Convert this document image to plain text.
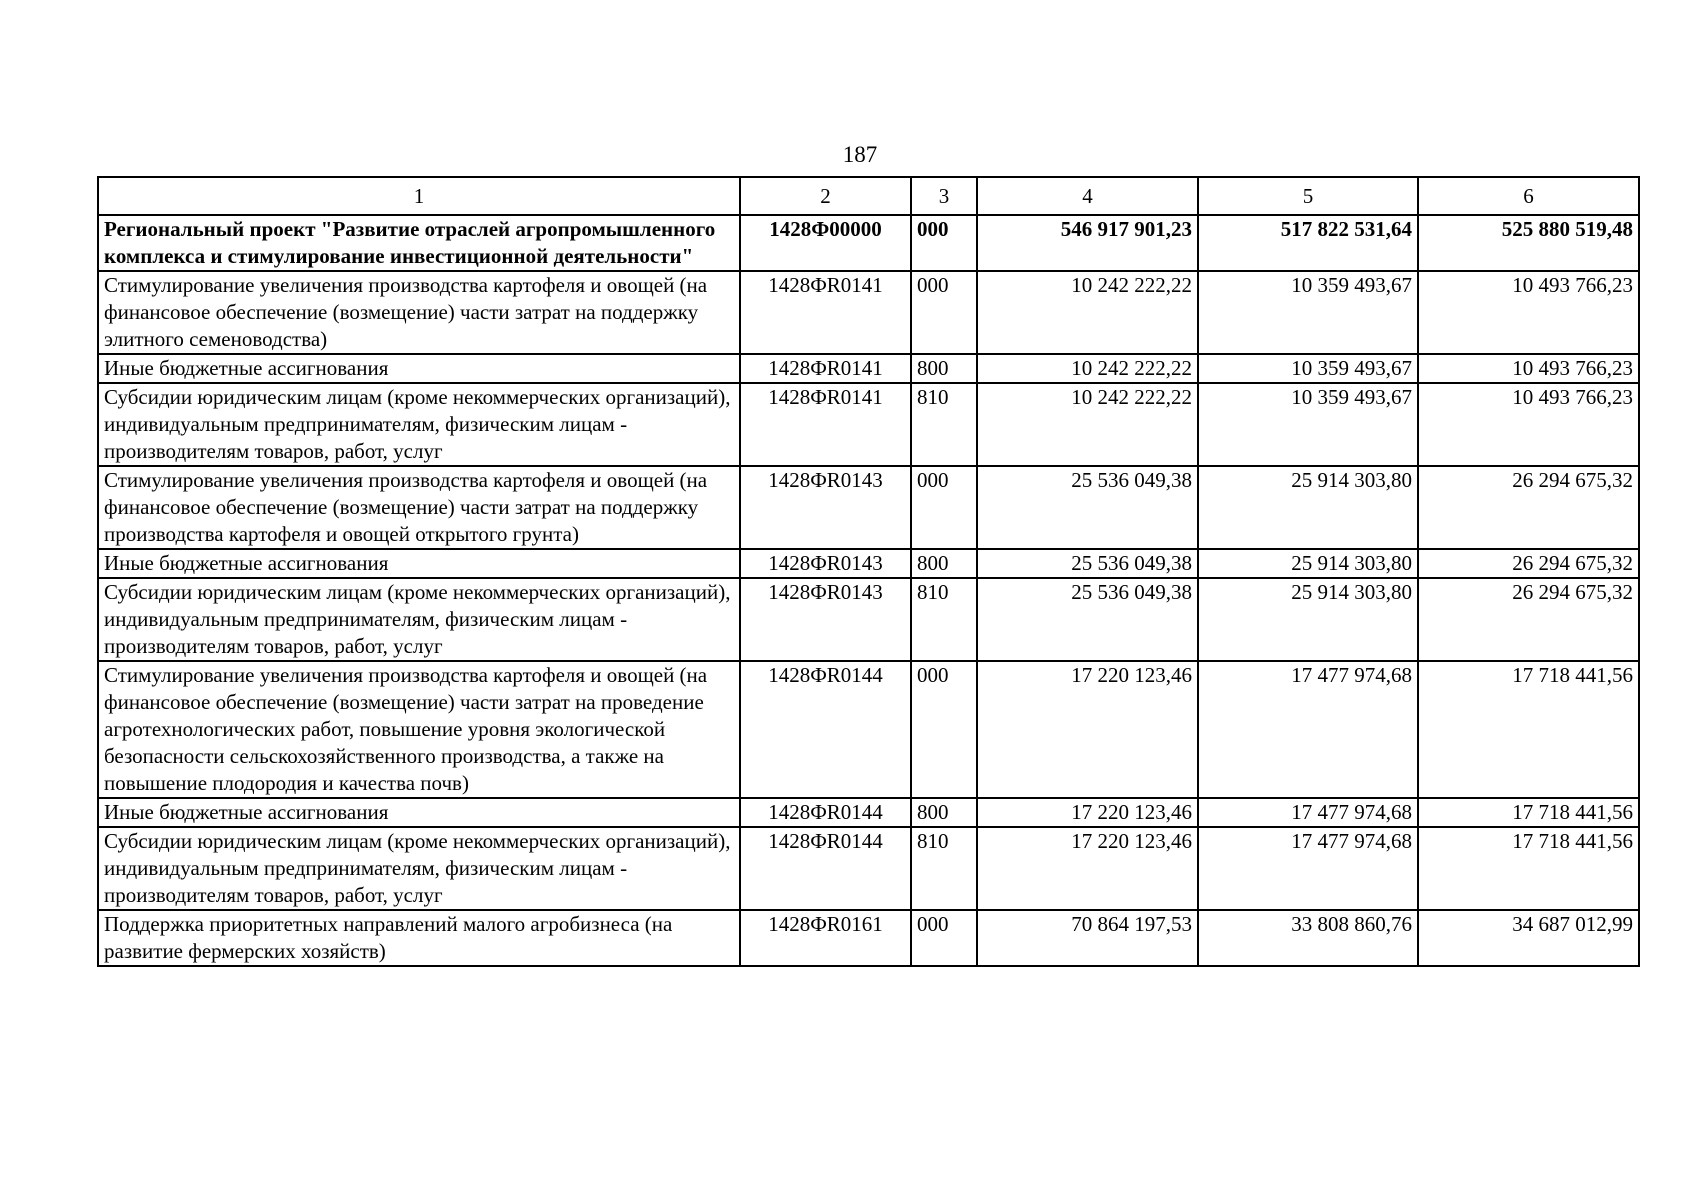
187
1	2	3	4	5	6
Региональный проект "Развитие отраслей агропромышленного комплекса и стимулирование инвестиционной деятельности"	1428Ф00000	000	546 917 901,23	517 822 531,64	525 880 519,48
Стимулирование увеличения производства картофеля и овощей (на финансовое обеспечение (возмещение) части затрат на поддержку элитного семеноводства)	1428ФR0141	000	10 242 222,22	10 359 493,67	10 493 766,23
Иные бюджетные ассигнования	1428ФR0141	800	10 242 222,22	10 359 493,67	10 493 766,23
Субсидии юридическим лицам (кроме некоммерческих организаций), индивидуальным предпринимателям, физическим лицам - производителям товаров, работ, услуг	1428ФR0141	810	10 242 222,22	10 359 493,67	10 493 766,23
Стимулирование увеличения производства картофеля и овощей (на финансовое обеспечение (возмещение) части затрат на поддержку производства картофеля и овощей открытого грунта)	1428ФR0143	000	25 536 049,38	25 914 303,80	26 294 675,32
Иные бюджетные ассигнования	1428ФR0143	800	25 536 049,38	25 914 303,80	26 294 675,32
Субсидии юридическим лицам (кроме некоммерческих организаций), индивидуальным предпринимателям, физическим лицам - производителям товаров, работ, услуг	1428ФR0143	810	25 536 049,38	25 914 303,80	26 294 675,32
Стимулирование увеличения производства картофеля и овощей (на финансовое обеспечение (возмещение) части затрат на проведение агротехнологических работ, повышение уровня экологической безопасности сельскохозяйственного производства, а также на повышение плодородия и качества почв)	1428ФR0144	000	17 220 123,46	17 477 974,68	17 718 441,56
Иные бюджетные ассигнования	1428ФR0144	800	17 220 123,46	17 477 974,68	17 718 441,56
Субсидии юридическим лицам (кроме некоммерческих организаций), индивидуальным предпринимателям, физическим лицам - производителям товаров, работ, услуг	1428ФR0144	810	17 220 123,46	17 477 974,68	17 718 441,56
Поддержка приоритетных направлений малого агробизнеса (на развитие фермерских хозяйств)	1428ФR0161	000	70 864 197,53	33 808 860,76	34 687 012,99
